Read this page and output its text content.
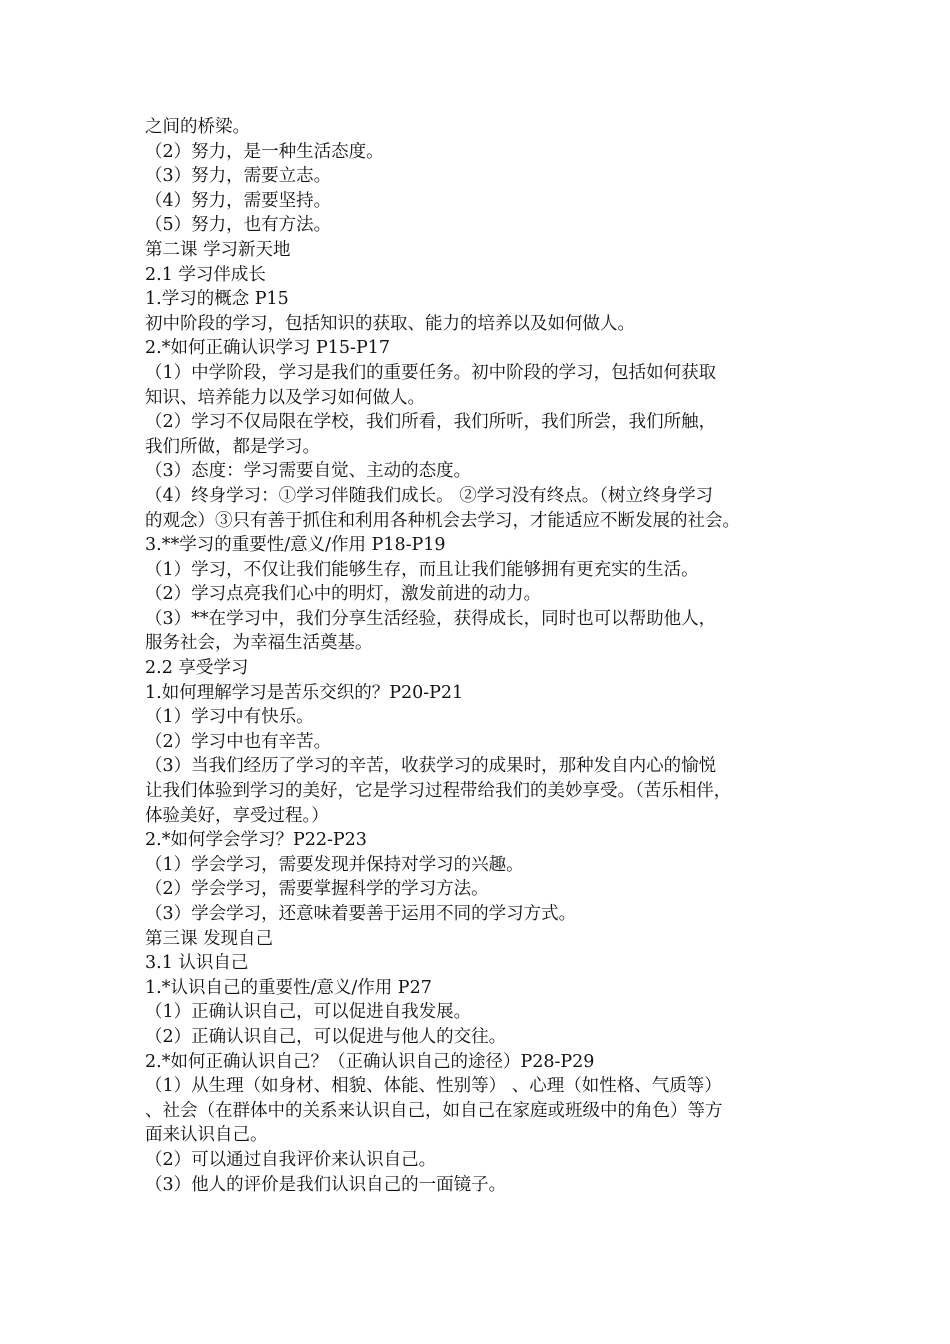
之间的桥梁。
（2）努力，是一种生活态度。
（3）努力，需要立志。
（4）努力，需要坚持。
（5）努力，也有方法。
第二课 学习新天地
2.1 学习伴成长
1.学习的概念 P15
初中阶段的学习，包括知识的获取、能力的培养以及如何做人。
2.*如何正确认识学习 P15-P17
（1）中学阶段，学习是我们的重要任务。初中阶段的学习，包括如何获取
知识、培养能力以及学习如何做人。
（2）学习不仅局限在学校，我们所看，我们所听，我们所尝，我们所触，
我们所做，都是学习。
（3）态度：学习需要自觉、主动的态度。
（4）终身学习：①学习伴随我们成长。 ②学习没有终点。（树立终身学习
的观念）③只有善于抓住和利用各种机会去学习，才能适应不断发展的社会。
3.**学习的重要性/意义/作用 P18-P19
（1）学习，不仅让我们能够生存，而且让我们能够拥有更充实的生活。
（2）学习点亮我们心中的明灯，激发前进的动力。
（3）**在学习中，我们分享生活经验，获得成长，同时也可以帮助他人，
服务社会，为幸福生活奠基。
2.2 享受学习
1.如何理解学习是苦乐交织的？P20-P21
（1）学习中有快乐。
（2）学习中也有辛苦。
（3）当我们经历了学习的辛苦，收获学习的成果时，那种发自内心的愉悦
让我们体验到学习的美好，它是学习过程带给我们的美妙享受。（苦乐相伴，
体验美好，享受过程。）
2.*如何学会学习？P22-P23
（1）学会学习，需要发现并保持对学习的兴趣。
（2）学会学习，需要掌握科学的学习方法。
（3）学会学习，还意味着要善于运用不同的学习方式。
第三课 发现自己
3.1 认识自己
1.*认识自己的重要性/意义/作用 P27
（1）正确认识自己，可以促进自我发展。
（2）正确认识自己，可以促进与他人的交往。
2.*如何正确认识自己？（正确认识自己的途径）P28-P29
（1）从生理（如身材、相貌、体能、性别等） 、心理（如性格、气质等）
、社会（在群体中的关系来认识自己，如自己在家庭或班级中的角色）等方
面来认识自己。
（2）可以通过自我评价来认识自己。
（3）他人的评价是我们认识自己的一面镜子。
